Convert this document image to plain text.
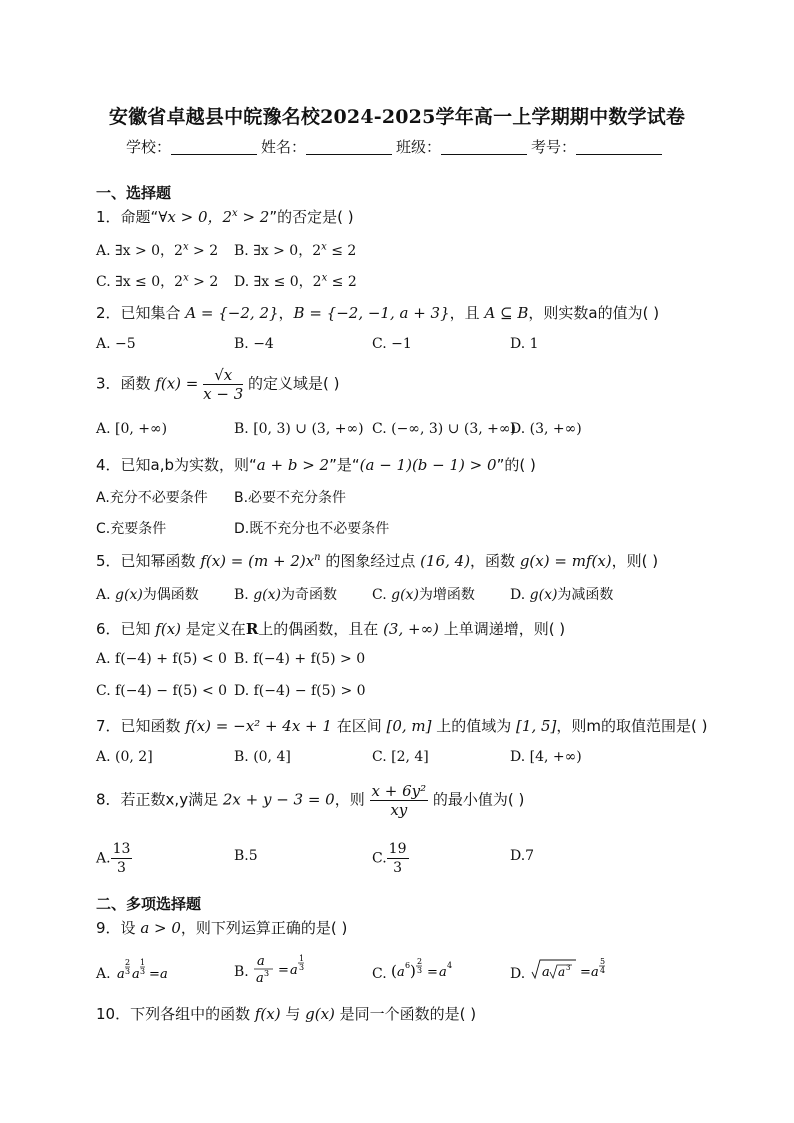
安徽省卓越县中皖豫名校2024-2025学年高一上学期期中数学试卷
学校：	姓名：	班级：	考号：
一、选择题
1．命题“∀x > 0，$2^x > 2$”的否定是( )
A. ∃x > 0，$2^x > 2$ B. ∃x > 0，$2^x \le 2$
C. ∃x ≤ 0，$2^x > 2$ D. ∃x ≤ 0，$2^x \le 2$
2．已知集合 A = {−2, 2}，B = {−2, −1, a + 3}，且 A ⊆ B，则实数a的值为( )
A. −5	B. −4	C. −1	D. 1
3．函数 $f(x) = \frac{√x}{x - 3}$ 的定义域是( )
A. [0, +∞)	B. [0, 3) ∪ (3, +∞) C. (−∞, 3) ∪ (3, +∞)
D. (3, +∞)
4．已知a,b为实数，则“a + b > 2”是“(a − 1)(b − 1) > 0”的( )
A.充分不必要条件 B.必要不充分条件
C.充要条件	D.既不充分也不必要条件
5．已知幂函数 $f(x) = (m + 2)x^n$ 的图象经过点 (16, 4)，函数 g(x) = mf(x)，则( )
A. g(x)为偶函数	B. g(x)为奇函数	C. g(x)为增函数	D. g(x)为减函数
6．已知 f(x) 是定义在R上的偶函数，且在 (3, +∞) 上单调递增，则( )
A. f(−4) + f(5) < 0 B. f(−4) + f(5) > 0
C. f(−4) − f(5) < 0 D. f(−4) − f(5) > 0
7．已知函数 f(x) = −x² + 4x + 1 在区间 [0, m] 上的值域为 [1, 5]，则m的取值范围是( )
A. (0, 2]	B. (0, 4]	C. [2, 4]	D. [4, +∞)
8．若正数x,y满足 2x + y − 3 = 0，则 $\frac{\text{x + 6y²}}{xy}$ 的最小值为( )
A. $\frac{13}{3}$	B.5	C. $\frac{19}{3}$	D.7
二、多项选择题
9．设 a > 0，则下列运算正确的是( )
A. a
2
3 a
1
3 = a	B.
a
a 3 = a
1
3	C. ( a 6 )
2
3 = a 4
D. a a 3 = a
5
4
10．下列各组中的函数 f(x) 与 g(x) 是同一个函数的是( )
